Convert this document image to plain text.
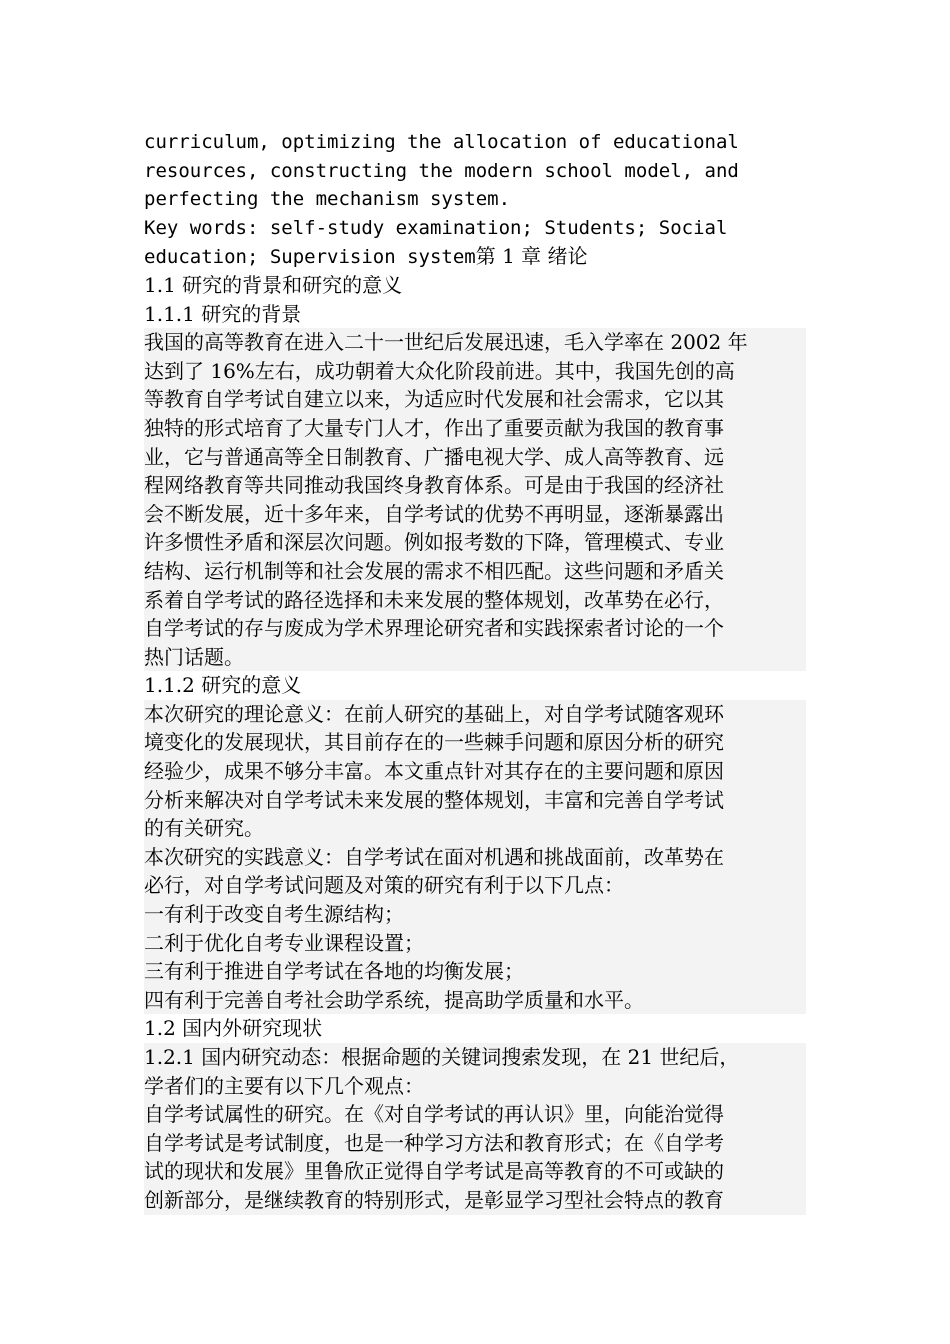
curriculum, optimizing the allocation of educational
resources, constructing the modern school model, and
perfecting the mechanism system.
Key words: self-study examination; Students; Social
education; Supervision system第 1 章 绪论
1.1 研究的背景和研究的意义
1.1.1 研究的背景
我国的高等教育在进入二十一世纪后发展迅速，毛入学率在 2002 年
达到了 16%左右，成功朝着大众化阶段前进。其中，我国先创的高
等教育自学考试自建立以来，为适应时代发展和社会需求，它以其
独特的形式培育了大量专门人才，作出了重要贡献为我国的教育事
业，它与普通高等全日制教育、广播电视大学、成人高等教育、远
程网络教育等共同推动我国终身教育体系。可是由于我国的经济社
会不断发展，近十多年来，自学考试的优势不再明显，逐渐暴露出
许多惯性矛盾和深层次问题。例如报考数的下降，管理模式、专业
结构、运行机制等和社会发展的需求不相匹配。这些问题和矛盾关
系着自学考试的路径选择和未来发展的整体规划，改革势在必行，
自学考试的存与废成为学术界理论研究者和实践探索者讨论的一个
热门话题。
1.1.2 研究的意义
本次研究的理论意义：在前人研究的基础上，对自学考试随客观环
境变化的发展现状，其目前存在的一些棘手问题和原因分析的研究
经验少，成果不够分丰富。本文重点针对其存在的主要问题和原因
分析来解决对自学考试未来发展的整体规划，丰富和完善自学考试
的有关研究。
本次研究的实践意义：自学考试在面对机遇和挑战面前，改革势在
必行，对自学考试问题及对策的研究有利于以下几点：
一有利于改变自考生源结构；
二利于优化自考专业课程设置；
三有利于推进自学考试在各地的均衡发展；
四有利于完善自考社会助学系统，提高助学质量和水平。
1.2 国内外研究现状
1.2.1 国内研究动态：根据命题的关键词搜索发现，在 21 世纪后，
学者们的主要有以下几个观点：
自学考试属性的研究。在《对自学考试的再认识》里，向能治觉得
自学考试是考试制度，也是一种学习方法和教育形式；在《自学考
试的现状和发展》里鲁欣正觉得自学考试是高等教育的不可或缺的
创新部分，是继续教育的特别形式，是彰显学习型社会特点的教育
